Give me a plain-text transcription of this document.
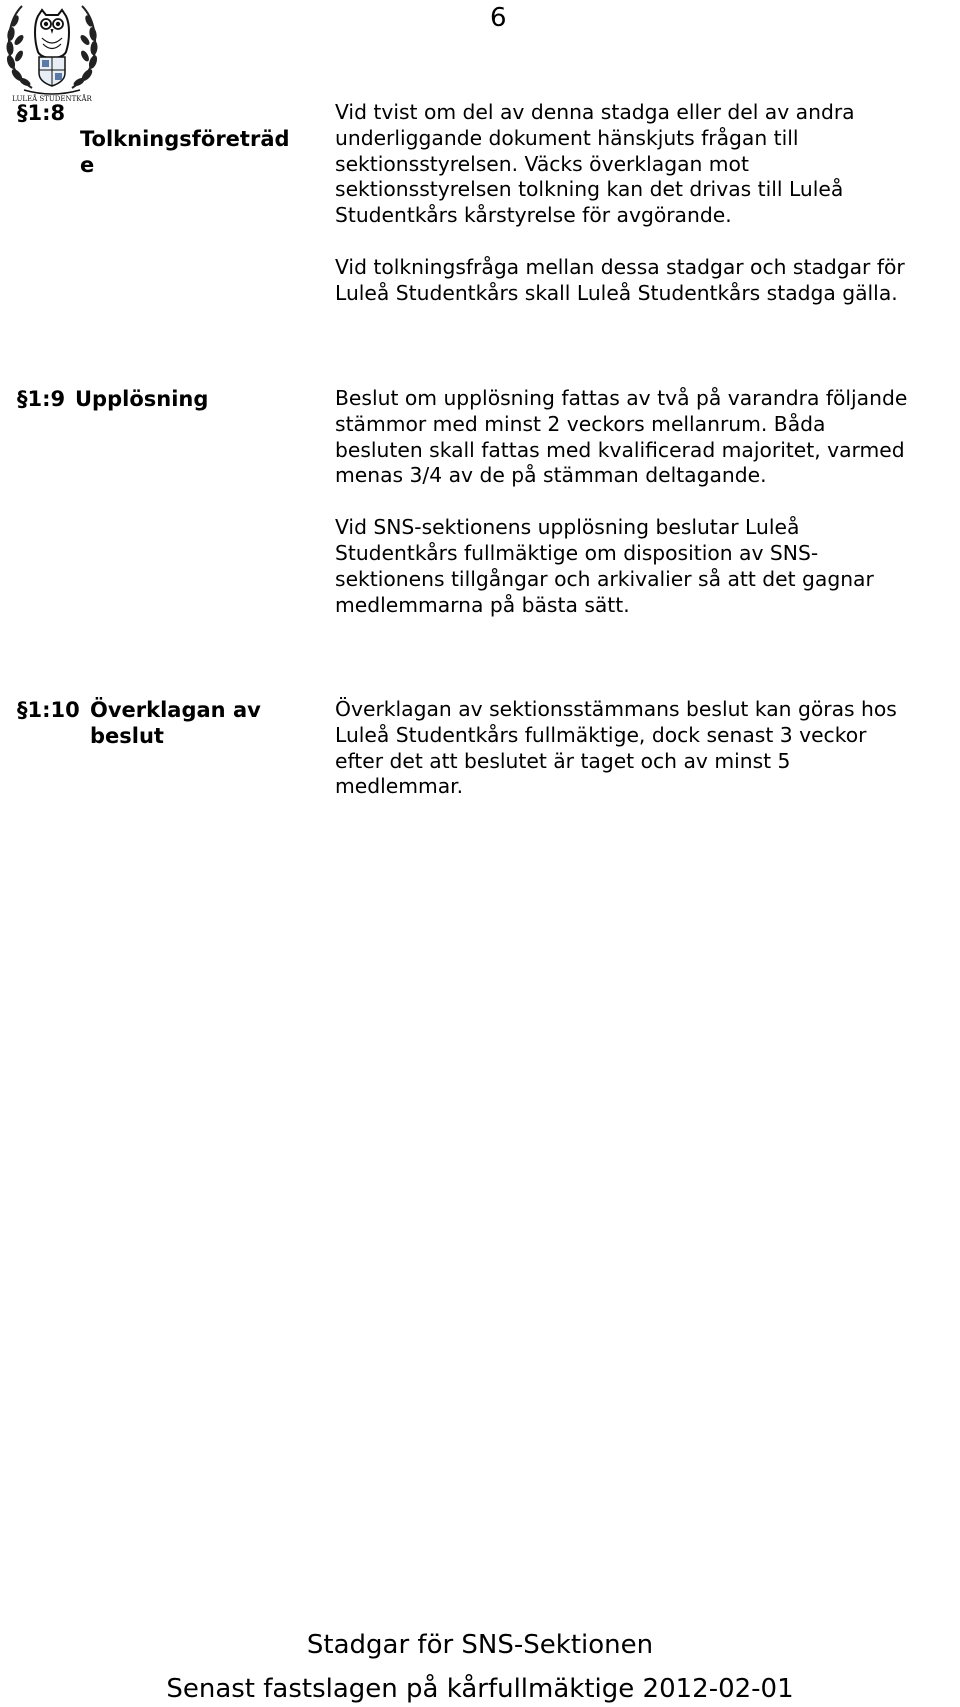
LULEÅ STUDENTKÅR
6
§1:8
Tolkningsföreträd
e

Vid tvist om del av denna stadga eller del av andra
underliggande dokument hänskjuts frågan till
sektionsstyrelsen. Väcks överklagan mot
sektionsstyrelsen tolkning kan det drivas till Luleå
Studentkårs kårstyrelse för avgörande.

Vid tolkningsfråga mellan dessa stadgar och stadgar för
Luleå Studentkårs skall Luleå Studentkårs stadga gälla.

§1:9 Upplösning	Beslut om upplösning fattas av två på varandra följande
stämmor med minst 2 veckors mellanrum. Båda
besluten skall fattas med kvalificerad majoritet, varmed
menas 3/4 av de på stämman deltagande.

Vid SNS-sektionens upplösning beslutar Luleå
Studentkårs fullmäktige om disposition av SNS-
sektionens tillgångar och arkivalier så att det gagnar
medlemmarna på bästa sätt.

§1:10 Överklagan av
beslut

Överklagan av sektionsstämmans beslut kan göras hos
Luleå Studentkårs fullmäktige, dock senast 3 veckor
efter det att beslutet är taget och av minst 5
medlemmar.

Stadgar för SNS-Sektionen
Senast fastslagen på kårfullmäktige 2012-02-01
